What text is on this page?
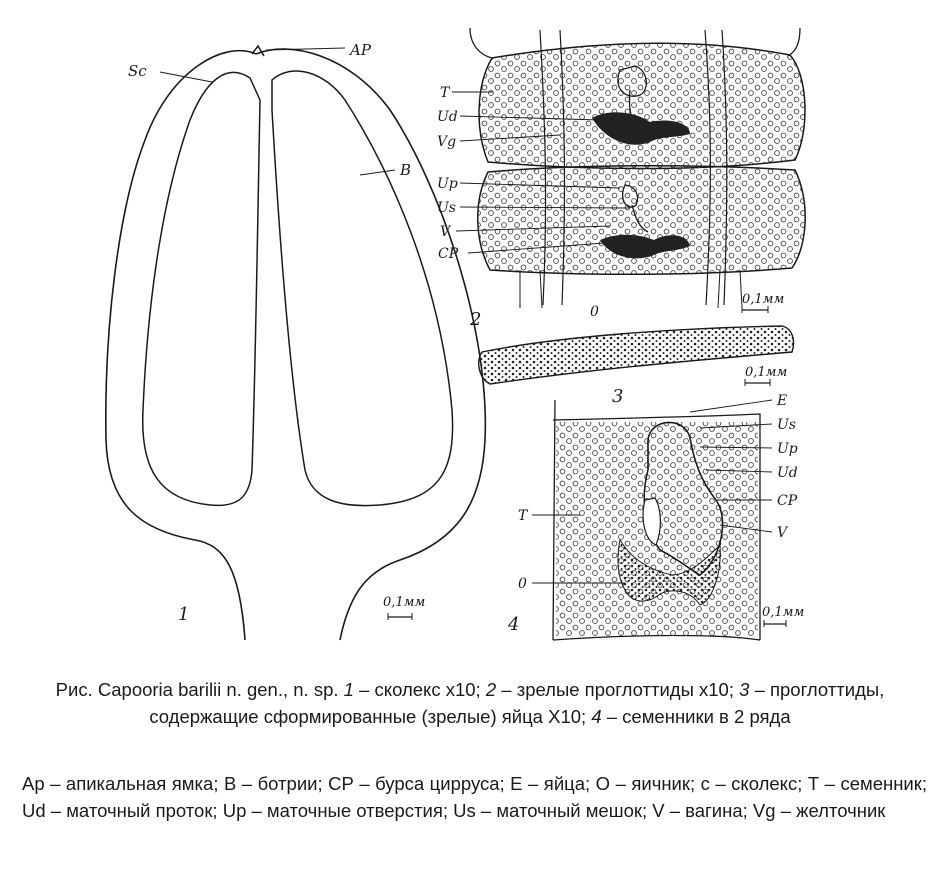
AP
Sc
B
1
0,1мм
T
Ud
Vg
Up
Us
V
CP
0
2
0,1мм
3
0,1мм
E
Us
Up
Ud
CP
V
T
0
4
0,1мм
Рис. Capooria barilii n. gen., n. sp. 1 – сколекс x10; 2 – зрелые проглоттиды x10; 3 – проглоттиды, содержащие сформированные (зрелые) яйца X10; 4 – семенники в 2 ряда
Ар – апикальная ямка; В – ботрии; СР – бурса цирруса; Е – яйца; О – яичник; с – сколекс; Т – семенник; Ud – маточный проток; Up – маточные отверстия; Us – маточный мешок; V – вагина; Vg – желточник
